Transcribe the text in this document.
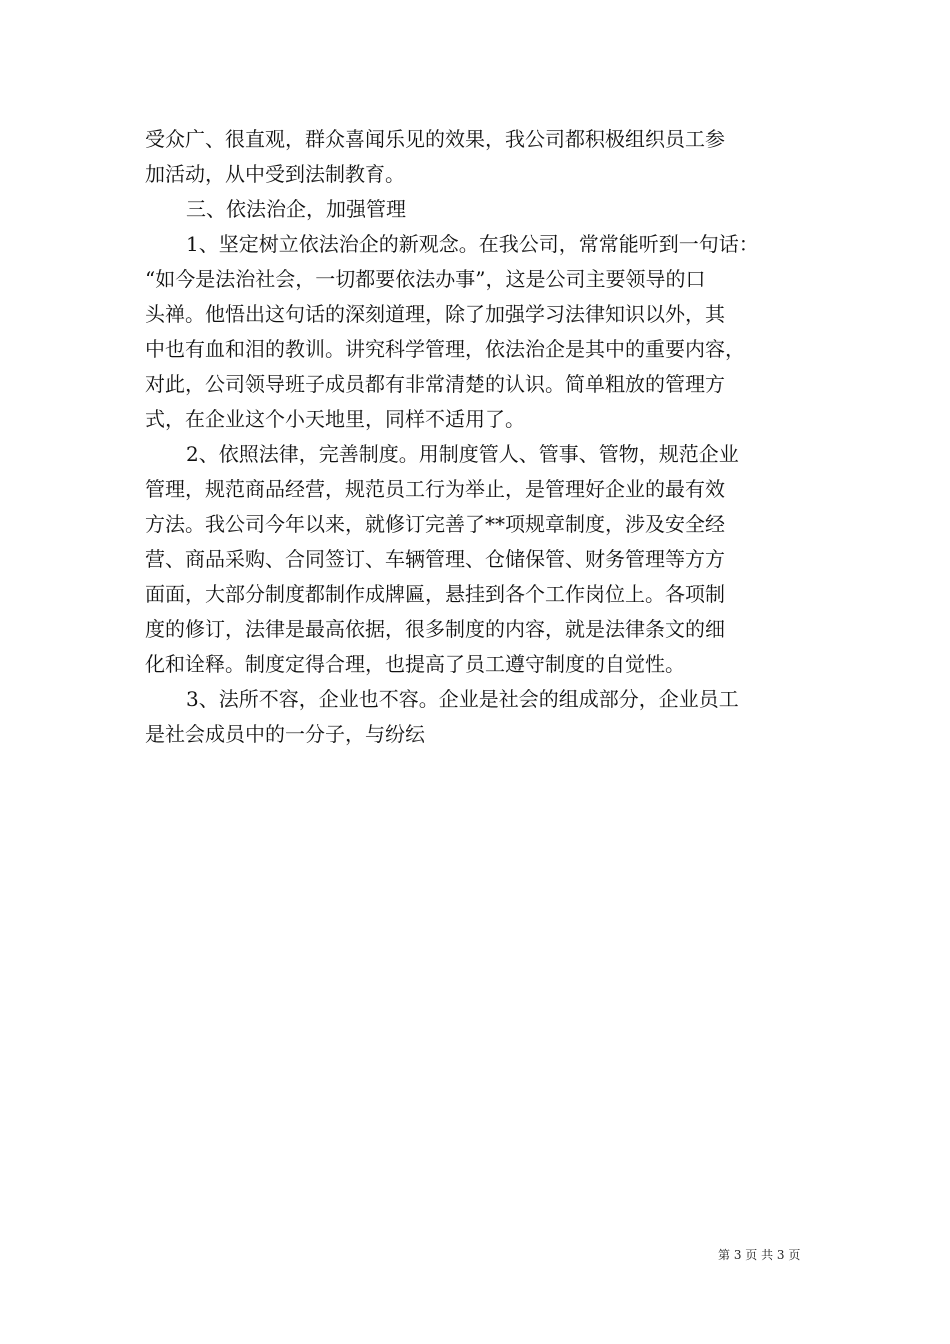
受众广、很直观，群众喜闻乐见的效果，我公司都积极组织员工参
加活动，从中受到法制教育。
三、依法治企，加强管理
1、坚定树立依法治企的新观念。在我公司，常常能听到一句话：
“如今是法治社会，一切都要依法办事”，这是公司主要领导的口
头禅。他悟出这句话的深刻道理，除了加强学习法律知识以外，其
中也有血和泪的教训。讲究科学管理，依法治企是其中的重要内容，
对此，公司领导班子成员都有非常清楚的认识。简单粗放的管理方
式，在企业这个小天地里，同样不适用了。
2、依照法律，完善制度。用制度管人、管事、管物，规范企业
管理，规范商品经营，规范员工行为举止，是管理好企业的最有效
方法。我公司今年以来，就修订完善了**项规章制度，涉及安全经
营、商品采购、合同签订、车辆管理、仓储保管、财务管理等方方
面面，大部分制度都制作成牌匾，悬挂到各个工作岗位上。各项制
度的修订，法律是最高依据，很多制度的内容，就是法律条文的细
化和诠释。制度定得合理，也提高了员工遵守制度的自觉性。
3、法所不容，企业也不容。企业是社会的组成部分，企业员工
是社会成员中的一分子，与纷纭
第 3 页 共 3 页
